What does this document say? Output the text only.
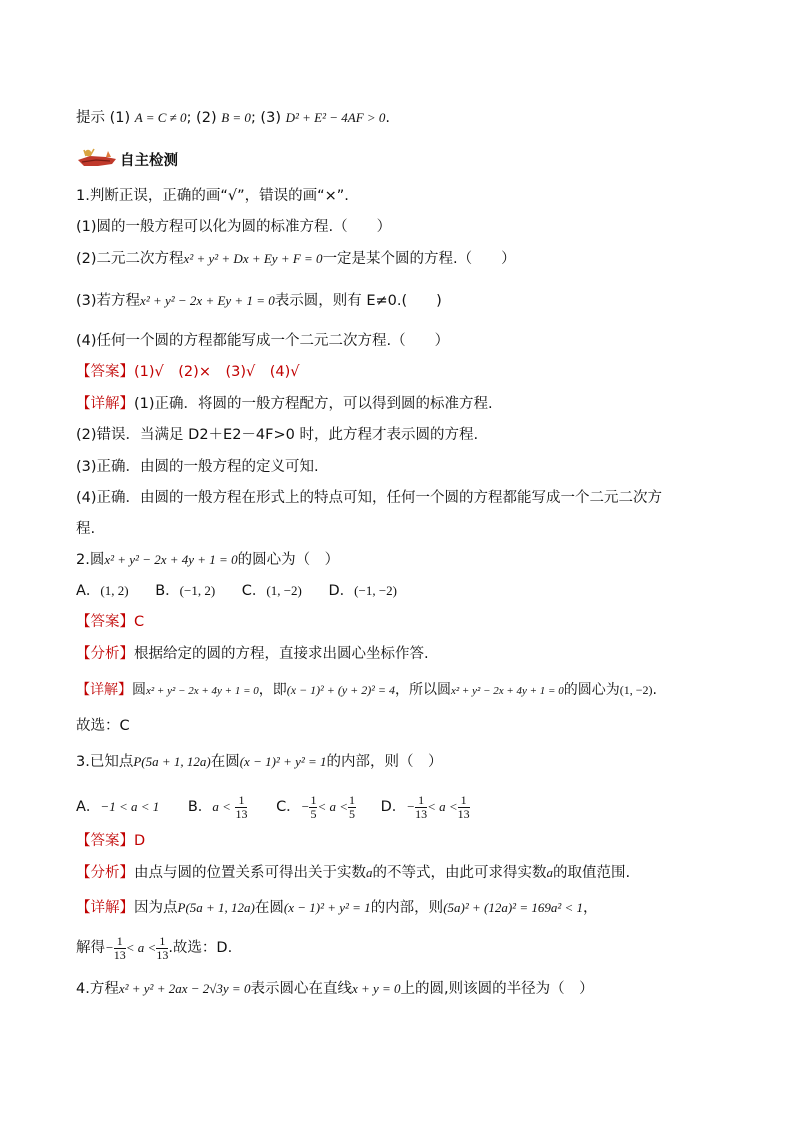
提示 (1) A = C ≠ 0; (2) B = 0; (3) D² + E² − 4AF > 0.
自主检测
1.判断正误，正确的画“√”，错误的画“×”.
(1)圆的一般方程可以化为圆的标准方程.（　　）
(2)二元二次方程x² + y² + Dx + Ey + F = 0一定是某个圆的方程.（　　）
(3)若方程x² + y² − 2x + Ey + 1 = 0表示圆，则有 E≠0.(　　)
(4)任何一个圆的方程都能写成一个二元二次方程.（　　）
【答案】(1)√　(2)×　(3)√　(4)√
【详解】(1)正确．将圆的一般方程配方，可以得到圆的标准方程.
(2)错误．当满足 D2＋E2－4F>0 时，此方程才表示圆的方程.
(3)正确．由圆的一般方程的定义可知.
(4)正确．由圆的一般方程在形式上的特点可知，任何一个圆的方程都能写成一个二元二次方
程.
2.圆x² + y² − 2x + 4y + 1 = 0的圆心为（　）
A．(1, 2) B．(−1, 2) C．(1, −2) D．(−1, −2)
【答案】C
【分析】根据给定的圆的方程，直接求出圆心坐标作答.
【详解】圆x² + y² − 2x + 4y + 1 = 0，即(x − 1)² + (y + 2)² = 4，所以圆x² + y² − 2x + 4y + 1 = 0的圆心为(1, −2).
故选：C
3.已知点P(5a + 1, 12a)在圆(x − 1)² + y² = 1的内部，则（　）
A．−1 < a < 1 B．$a < \frac{1}{13}$ C．− $\frac{1}{5} < a < \frac{1}{5}$ D．− $\frac{1}{13} < a < \frac{1}{13}$
【答案】D
【分析】由点与圆的位置关系可得出关于实数a的不等式，由此可求得实数a的取值范围.
【详解】因为点P(5a + 1, 12a)在圆(x − 1)² + y² = 1的内部，则(5a)² + (12a)² = 169a² < 1，
解得− $\frac{1}{13} < a < \frac{1}{13}$ .故选：D.
4.方程x² + y² + 2ax − 2√3y = 0表示圆心在直线x + y = 0上的圆,则该圆的半径为（　）
